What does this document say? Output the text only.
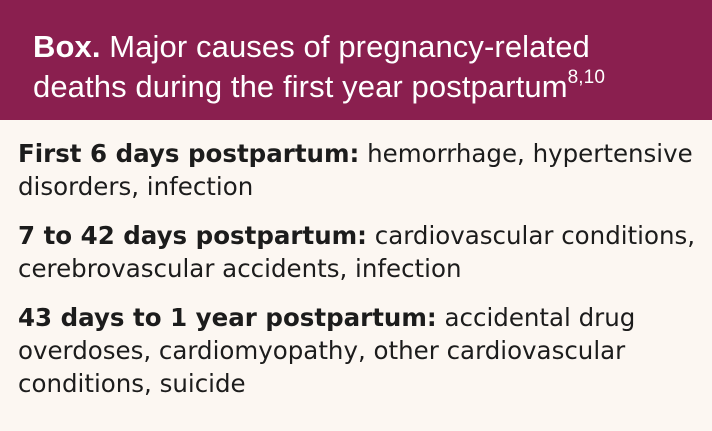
Box. Major causes of pregnancy-related deaths during the first year postpartum$^{8,10}$
First 6 days postpartum: hemorrhage, hypertensive disorders, infection
7 to 42 days postpartum: cardiovascular conditions, cerebrovascular accidents, infection
43 days to 1 year postpartum: accidental drug overdoses, cardiomyopathy, other cardiovascular conditions, suicide
